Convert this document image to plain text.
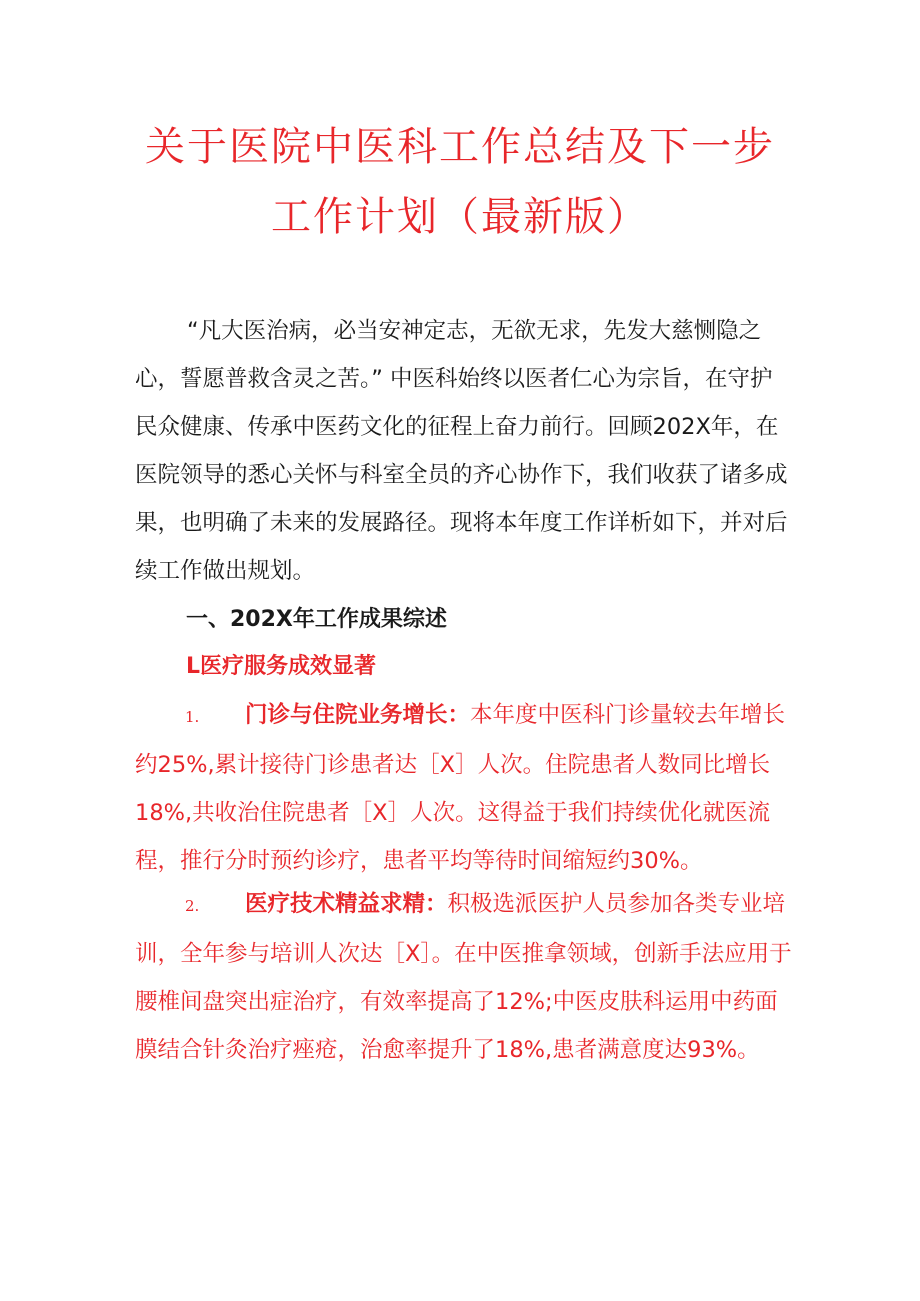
关于医院中医科工作总结及下一步
工作计划（最新版）
“凡大医治病，必当安神定志，无欲无求，先发大慈恻隐之心，誓愿普救含灵之苦。” 中医科始终以医者仁心为宗旨，在守护民众健康、传承中医药文化的征程上奋力前行。回顾202X年，在医院领导的悉心关怀与科室全员的齐心协作下，我们收获了诸多成果，也明确了未来的发展路径。现将本年度工作详析如下，并对后续工作做出规划。
一、202X年工作成果综述
L医疗服务成效显著
1. 门诊与住院业务增长：本年度中医科门诊量较去年增长约25%,累计接待门诊患者达［X］人次。住院患者人数同比增长18%,共收治住院患者［X］人次。这得益于我们持续优化就医流程，推行分时预约诊疗，患者平均等待时间缩短约30%。
2. 医疗技术精益求精：积极选派医护人员参加各类专业培训，全年参与培训人次达［X］。在中医推拿领域，创新手法应用于腰椎间盘突出症治疗，有效率提高了12%;中医皮肤科运用中药面膜结合针灸治疗痤疮，治愈率提升了18%,患者满意度达93%。
